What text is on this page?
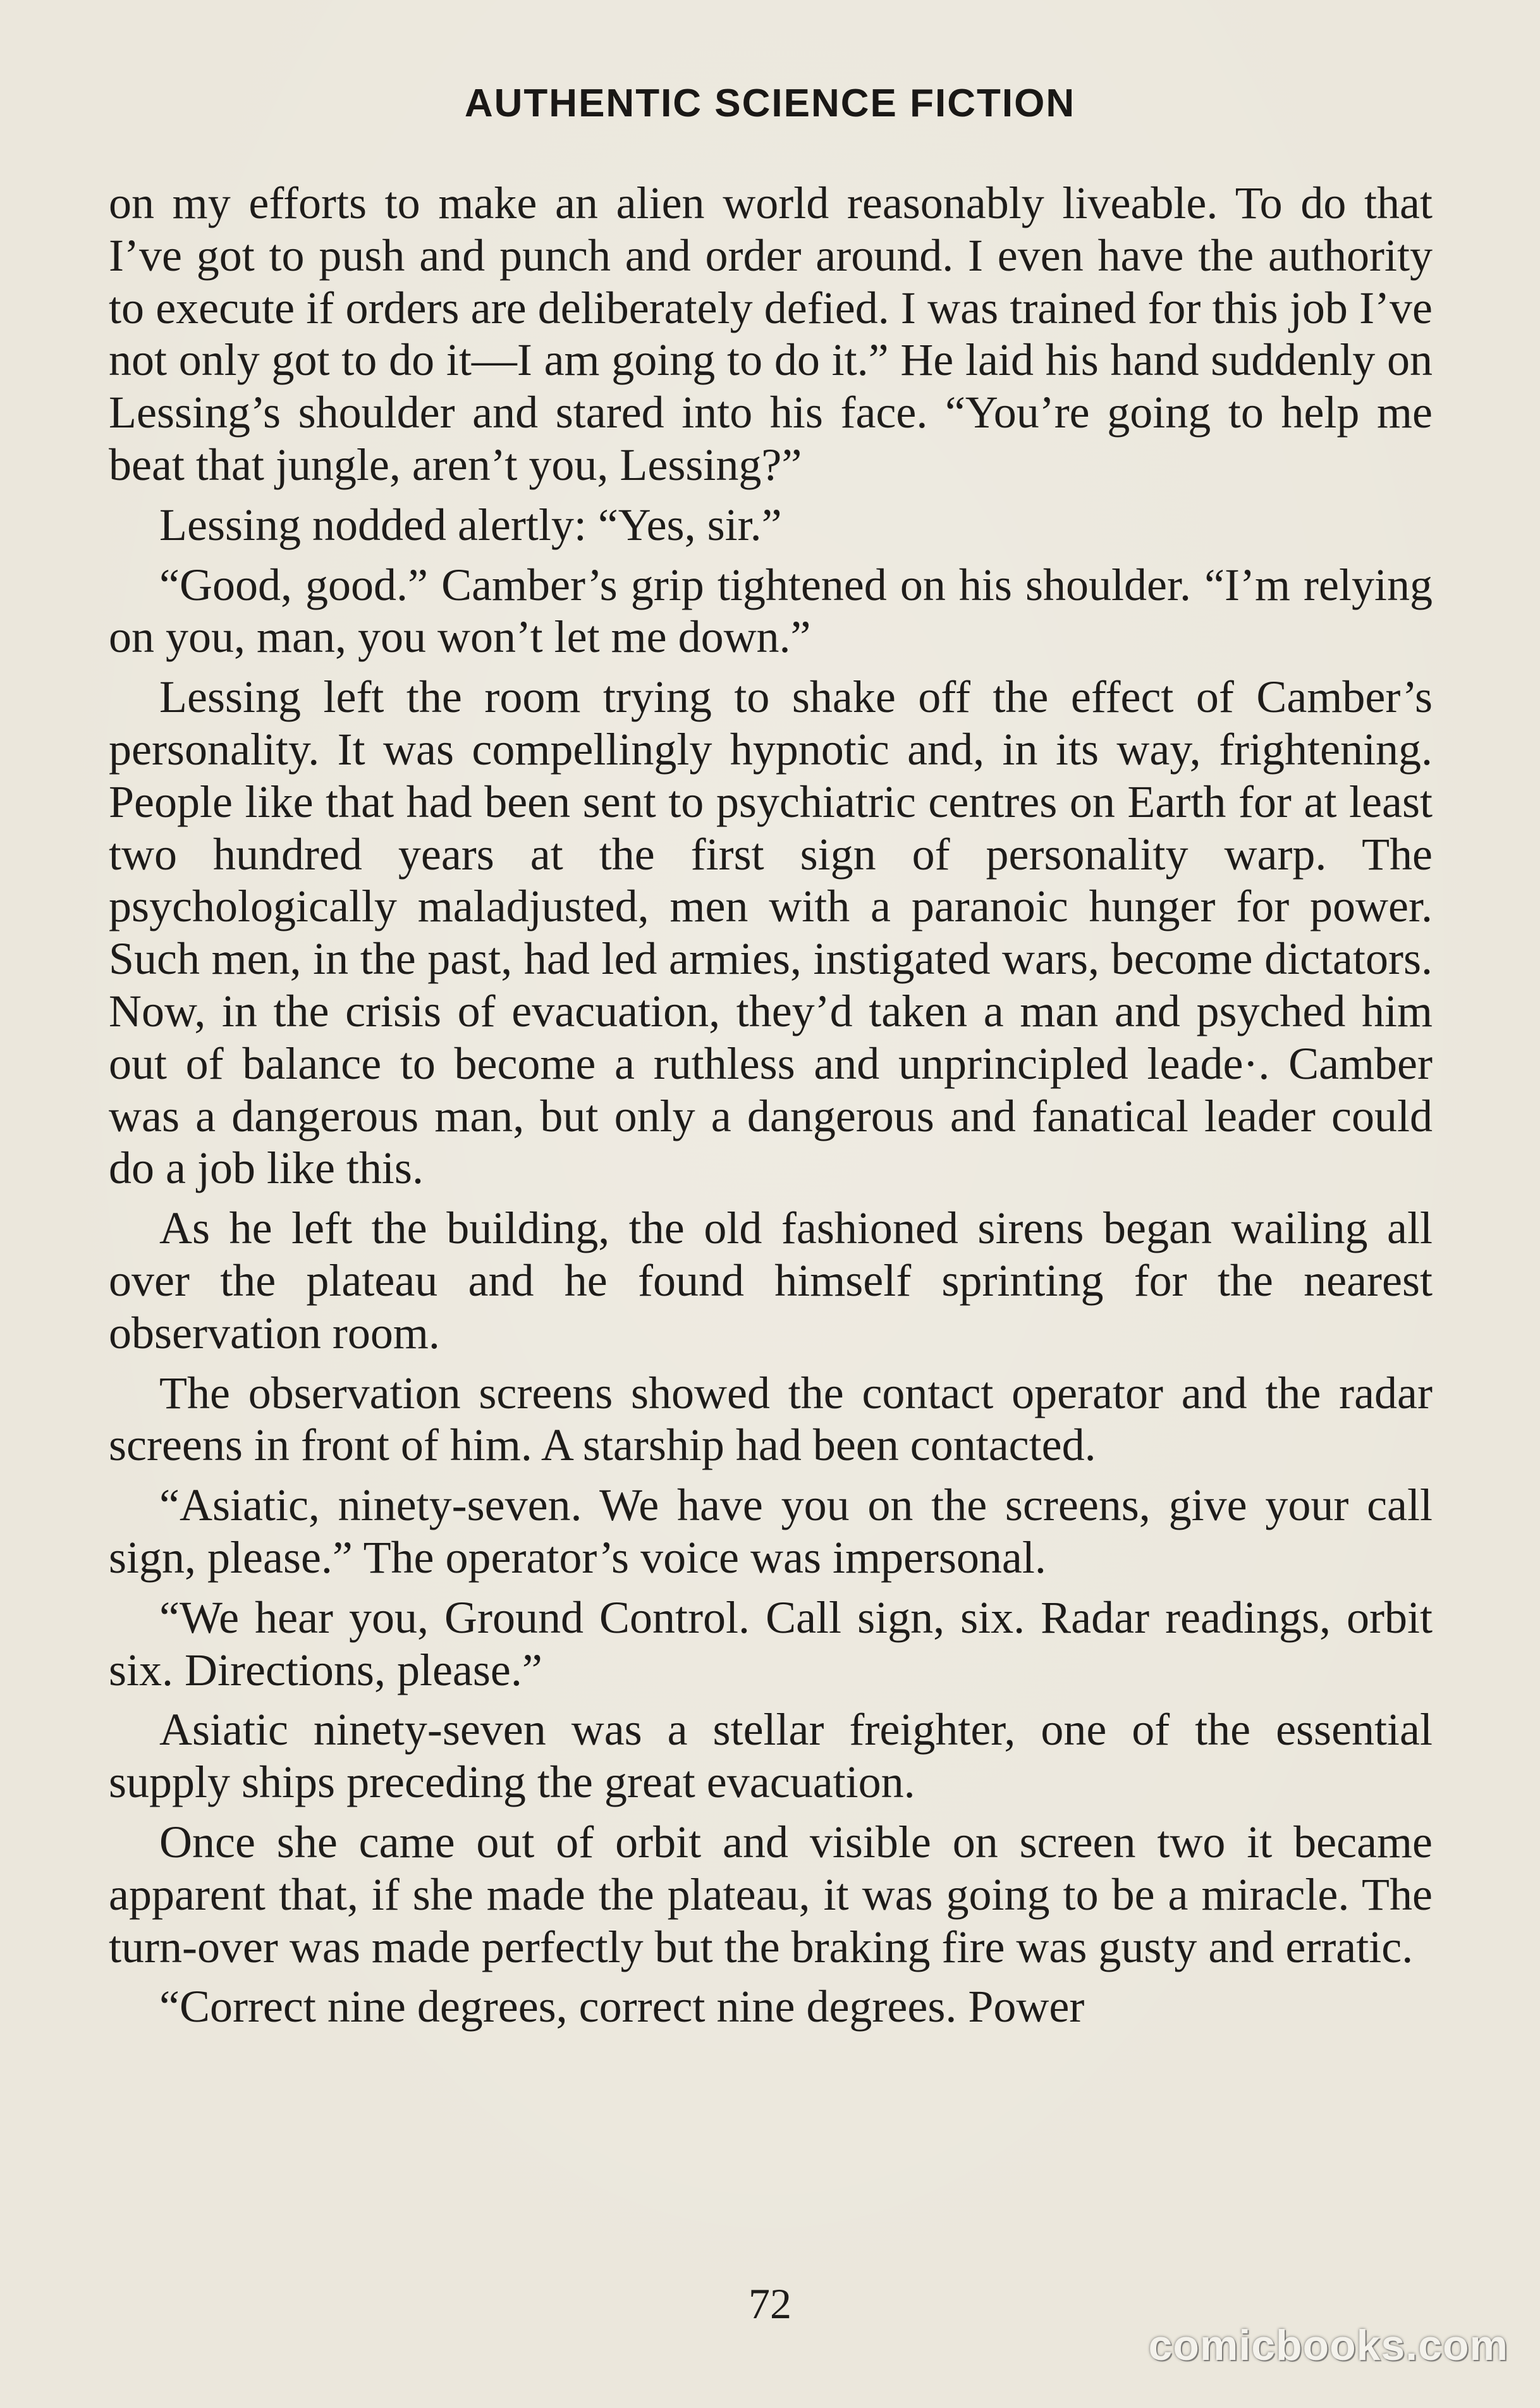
AUTHENTIC SCIENCE FICTION

on my efforts to make an alien world reasonably liveable. To do that I’ve got to push and punch and order around. I even have the authority to execute if orders are deliberately defied. I was trained for this job I’ve not only got to do it—I am going to do it.” He laid his hand suddenly on Lessing’s shoulder and stared into his face. “You’re going to help me beat that jungle, aren’t you, Lessing?”

Lessing nodded alertly: “Yes, sir.”

“Good, good.” Camber’s grip tightened on his shoulder. “I’m relying on you, man, you won’t let me down.”

Lessing left the room trying to shake off the effect of Camber’s personality. It was compellingly hypnotic and, in its way, frightening. People like that had been sent to psychiatric centres on Earth for at least two hundred years at the first sign of personality warp. The psychologically maladjusted, men with a paranoic hunger for power. Such men, in the past, had led armies, instigated wars, become dictators. Now, in the crisis of evacuation, they’d taken a man and psyched him out of balance to become a ruthless and unprincipled leade·. Camber was a dangerous man, but only a dangerous and fanatical leader could do a job like this.

As he left the building, the old fashioned sirens began wailing all over the plateau and he found himself sprinting for the nearest observation room.

The observation screens showed the contact operator and the radar screens in front of him. A starship had been contacted.

“Asiatic, ninety-seven. We have you on the screens, give your call sign, please.” The operator’s voice was impersonal.

“We hear you, Ground Control. Call sign, six. Radar readings, orbit six. Directions, please.”

Asiatic ninety-seven was a stellar freighter, one of the essential supply ships preceding the great evacuation.

Once she came out of orbit and visible on screen two it became apparent that, if she made the plateau, it was going to be a miracle. The turn-over was made perfectly but the braking fire was gusty and erratic.

“Correct nine degrees, correct nine degrees. Power

72
comicbooks.com
